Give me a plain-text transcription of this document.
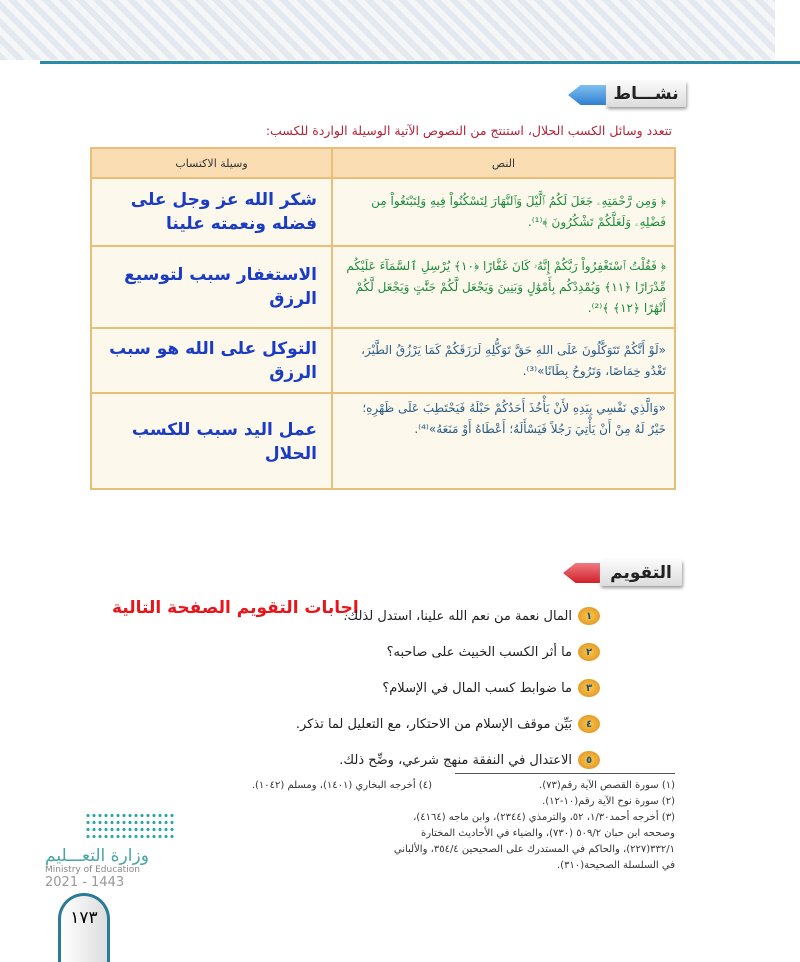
نشـــاط
تتعدد وسائل الكسب الحلال، استنتج من النصوص الآتية الوسيلة الواردة للكسب:
النص	وسيلة الاكتساب
﴿ وَمِن رَّحْمَتِهِۦ جَعَلَ لَكُمُ ٱلَّيْلَ وَٱلنَّهَارَ لِتَسْكُنُواْ فِيهِ وَلِتَبْتَغُواْ مِن فَضْلِهِۦ وَلَعَلَّكُمْ تَشْكُرُونَ ﴾⁽¹⁾.	شكر الله عز وجل على فضله ونعمته علينا
﴿ فَقُلْتُ ٱسْتَغْفِرُواْ رَبَّكُمْ إِنَّهُۥ كَانَ غَفَّارًا ﴿١٠﴾ يُرْسِلِ ٱلسَّمَآءَ عَلَيْكُم مِّدْرَارًا ﴿١١﴾ وَيُمْدِدْكُم بِأَمْوَٰلٍ وَبَنِينَ وَيَجْعَل لَّكُمْ جَنَّٰتٍ وَيَجْعَل لَّكُمْ أَنْهَٰرًا ﴿١٢﴾ ﴾⁽²⁾.	الاستغفار سبب لتوسيع الرزق
«لَوْ أَنَّكُمْ تَتَوَكَّلُونَ عَلَى اللهِ حَقَّ تَوَكُّلِهِ لَرَزَقَكُمْ كَمَا يَرْزُقُ الطَّيْرَ، تَغْدُو خِمَاصًا، وَتَرُوحُ بِطَانًا»⁽³⁾.	التوكل على الله هو سبب الرزق
«وَالَّذِي نَفْسِي بِيَدِهِ لأَنْ يَأْخُذَ أَحَدُكُمْ حَبْلَهُ فَيَحْتَطِبَ عَلَى ظَهْرِهِ؛ خَيْرٌ لَهُ مِنْ أَنْ يَأْتِيَ رَجُلاً فَيَسْأَلَهُ؛ أَعْطَاهُ أَوْ مَنَعَهُ»⁽⁴⁾.	عمل اليد سبب للكسب الحلال
التقويم
اجابات التقويم الصفحة التالية	١
المال نعمة من نعم الله علينا، استدل لذلك.
٢
ما أثر الكسب الخبيث على صاحبه؟
٣
ما ضوابط كسب المال في الإسلام؟
٤
بَيِّن موقف الإسلام من الاحتكار، مع التعليل لما تذكر.
٥
الاعتدال في النفقة منهج شرعي، وضِّح ذلك.
(١) سورة القصص الآية رقم(٧٣).
(٢) سورة نوح الآية رقم(١٠-١٢).
(٣) أخرجه أحمد١/٣٠، ٥٢، والترمذي (٢٣٤٤)، وابن ماجه (٤١٦٤)، وصححه ابن حبان ٥٠٩/٢ (٧٣٠)، والضياء في الأحاديث المختارة ٣٣٢/١(٢٢٧)، والحاكم في المستدرك على الصحيحين ٣٥٤/٤، والألباني في السلسلة الصحيحة(٣١٠).
(٤) أخرجه البخاري (١٤٠١)، ومسلم (١٠٤٢).
وزارة التعـــليم
Ministry of Education
2021 - 1443
١٧٣
